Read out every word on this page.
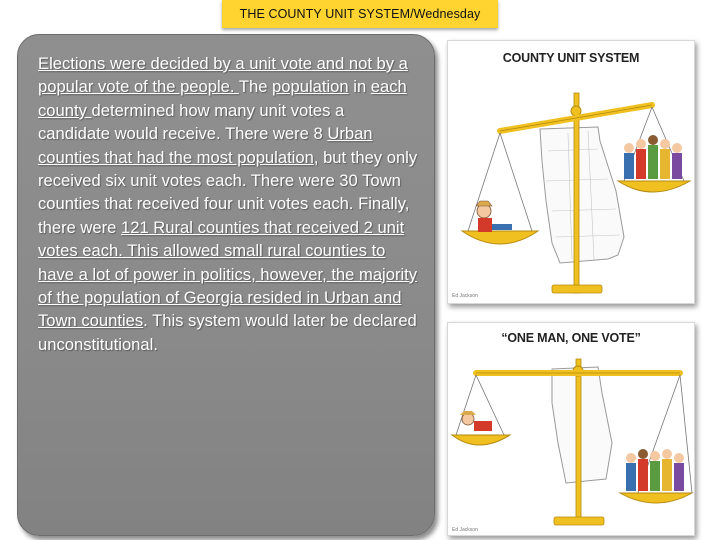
THE COUNTY UNIT SYSTEM/Wednesday

Elections were decided by a unit vote and not by a popular vote of the people. The population in each county determined how many unit votes a candidate would receive. There were 8 Urban counties that had the most population, but they only received six unit votes each. There were 30 Town counties that received four unit votes each. Finally, there were 121 Rural counties that received 2 unit votes each. This allowed small rural counties to have a lot of power in politics, however, the majority of the population of Georgia resided in Urban and Town counties. This system would later be declared unconstitutional.

COUNTY UNIT SYSTEM
Ed Jackson
“ONE MAN, ONE VOTE”
Ed Jackson
